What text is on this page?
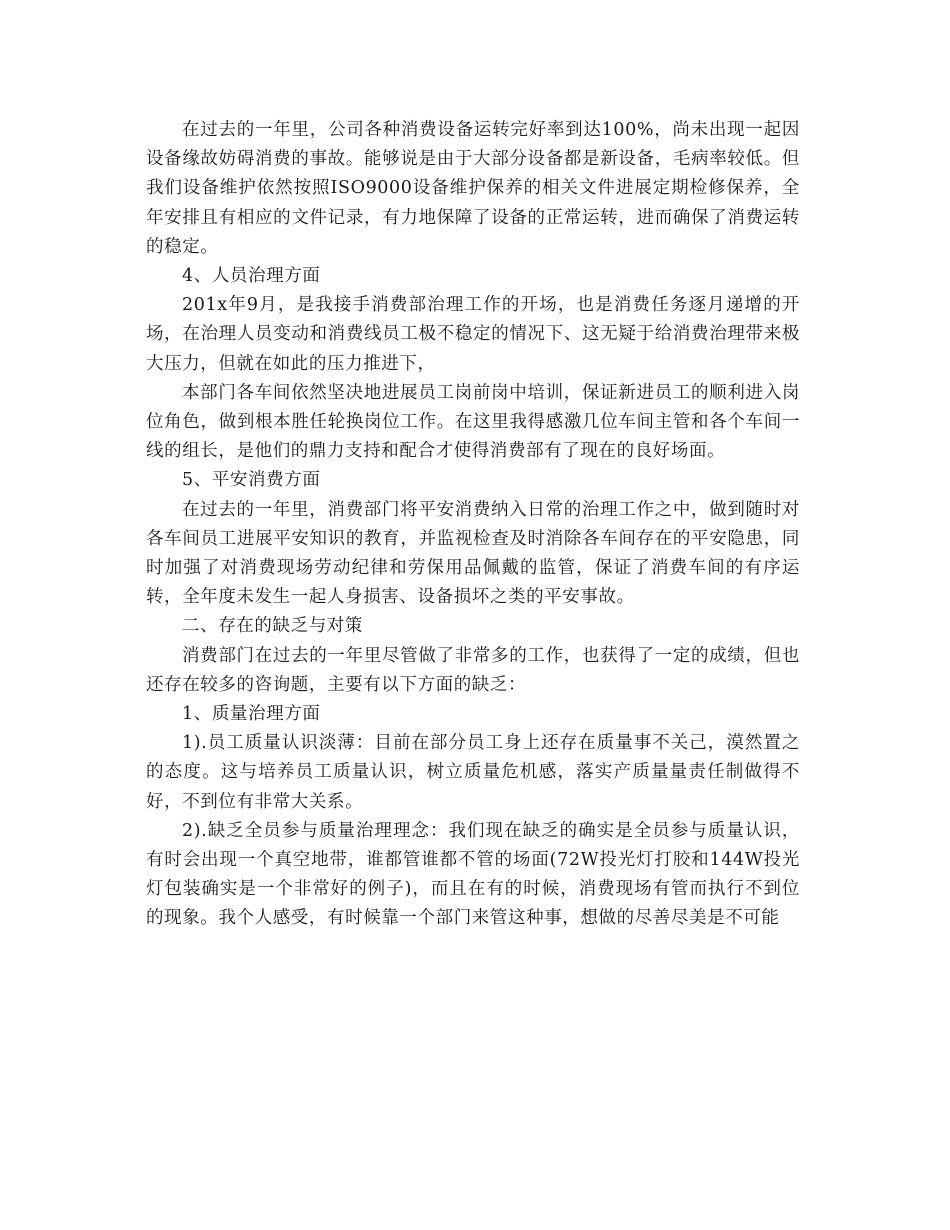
在过去的一年里，公司各种消费设备运转完好率到达100%，尚未出现一起因设备缘故妨碍消费的事故。能够说是由于大部分设备都是新设备，毛病率较低。但我们设备维护依然按照ISO9000设备维护保养的相关文件进展定期检修保养，全年安排且有相应的文件记录，有力地保障了设备的正常运转，进而确保了消费运转的稳定。

4、人员治理方面

201x年9月，是我接手消费部治理工作的开场，也是消费任务逐月递增的开场，在治理人员变动和消费线员工极不稳定的情况下、这无疑于给消费治理带来极大压力，但就在如此的压力推进下，

本部门各车间依然坚决地进展员工岗前岗中培训，保证新进员工的顺利进入岗位角色，做到根本胜任轮换岗位工作。在这里我得感激几位车间主管和各个车间一线的组长，是他们的鼎力支持和配合才使得消费部有了现在的良好场面。

5、平安消费方面

在过去的一年里，消费部门将平安消费纳入日常的治理工作之中，做到随时对各车间员工进展平安知识的教育，并监视检查及时消除各车间存在的平安隐患，同时加强了对消费现场劳动纪律和劳保用品佩戴的监管，保证了消费车间的有序运转，全年度未发生一起人身损害、设备损坏之类的平安事故。

二、存在的缺乏与对策

消费部门在过去的一年里尽管做了非常多的工作，也获得了一定的成绩，但也还存在较多的咨询题，主要有以下方面的缺乏：

1、质量治理方面

1).员工质量认识淡薄：目前在部分员工身上还存在质量事不关己，漠然置之的态度。这与培养员工质量认识，树立质量危机感，落实产质量量责任制做得不好，不到位有非常大关系。

2).缺乏全员参与质量治理理念：我们现在缺乏的确实是全员参与质量认识，有时会出现一个真空地带，谁都管谁都不管的场面(72W投光灯打胶和144W投光灯包装确实是一个非常好的例子)，而且在有的时候，消费现场有管而执行不到位的现象。我个人感受，有时候靠一个部门来管这种事，想做的尽善尽美是不可能
